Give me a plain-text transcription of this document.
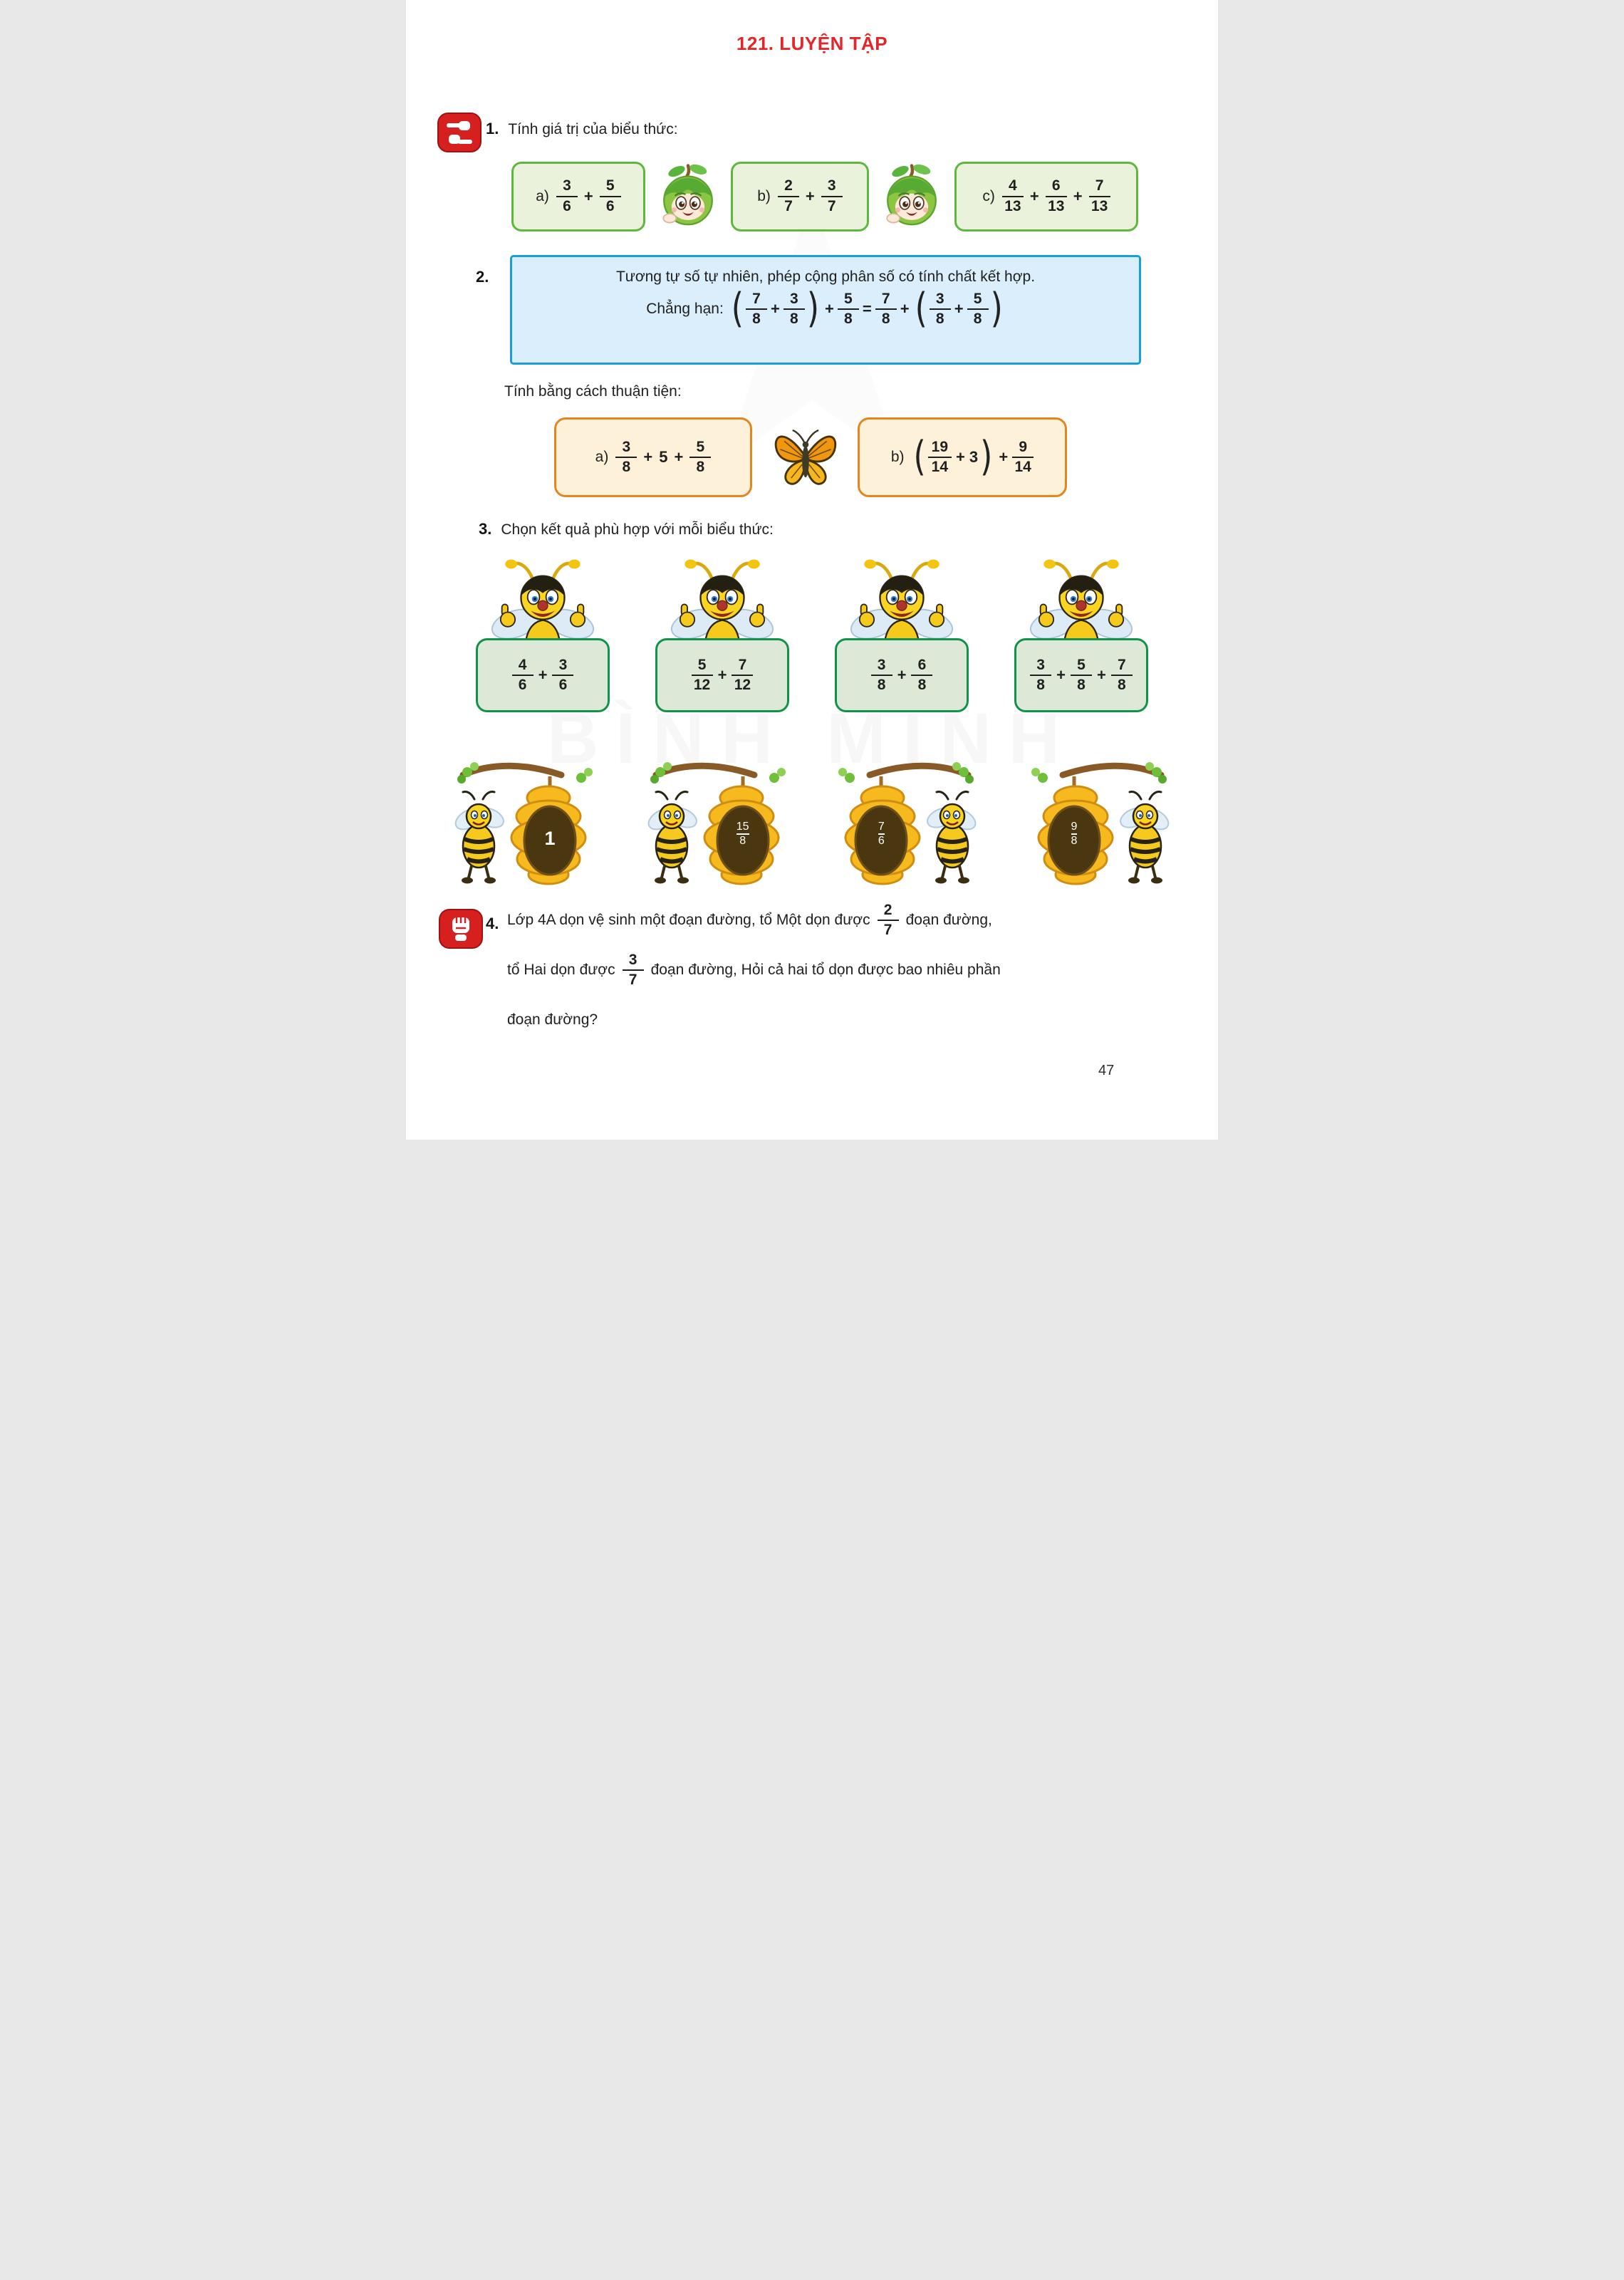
BÌNH MINH
121. LUYỆN TẬP
1. Tính giá trị của biểu thức:
$a) \frac{3}{6} + \frac{5}{6}$	$b) \frac{2}{7} + \frac{3}{7}$	$c) \frac{4}{13} + \frac{6}{13} + \frac{7}{13}$
2.	Tương tự số tự nhiên, phép cộng phân số có tính chất kết hợp.
Chẳng hạn: ( $\frac{7}{8} + \frac{3}{8}$ ) + $\frac{5}{8} = \frac{7}{8}$ + ( $\frac{3}{8} + \frac{5}{8}$ )
Tính bằng cách thuận tiện:
$a) \frac{3}{8} + 5 + \frac{5}{8}$	b) ( $\frac{19}{14} + 3$ ) + $\frac{9}{14}$
3. Chọn kết quả phù hợp với mỗi biểu thức:
$\frac{4}{6} + \frac{3}{6}$	$\frac{5}{12} + \frac{7}{12}$	$\frac{3}{8} + \frac{6}{8}$	$\frac{3}{8} + \frac{5}{8} + \frac{7}{8}$
1
15
8
7
6
9
8
4. Lớp 4A dọn vệ sinh một đoạn đường, tổ Một dọn được $\frac{2}{7}$ đoạn đường,
tổ Hai dọn được $\frac{3}{7}$ đoạn đường, Hỏi cả hai tổ dọn được bao nhiêu phần
đoạn đường?
47
